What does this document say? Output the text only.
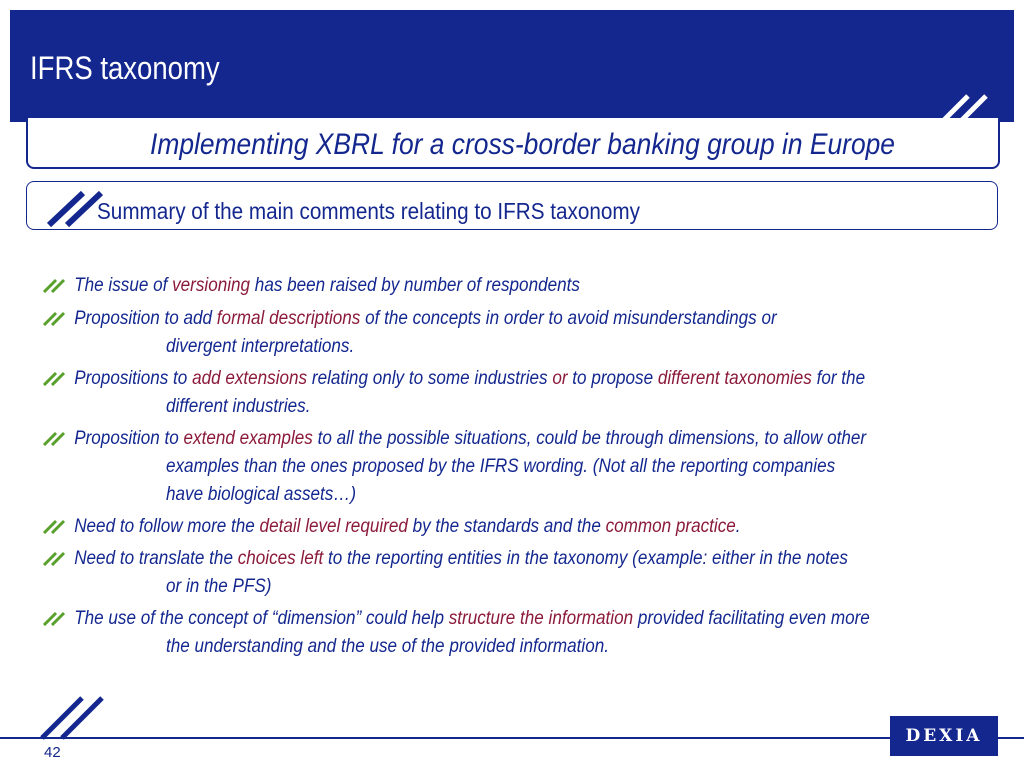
IFRS taxonomy
Implementing XBRL for a cross-border banking group in Europe
Summary of the main comments relating to IFRS taxonomy
The issue of versioning has been raised by number of respondents
Proposition to add formal descriptions of the concepts in order to avoid misunderstandings or
divergent interpretations.
Propositions to add extensions relating only to some industries or to propose different taxonomies for the
different industries.
Proposition to extend examples to all the possible situations, could be through dimensions, to allow other
examples than the ones proposed by the IFRS wording. (Not all the reporting companies
have biological assets…)
Need to follow more the detail level required by the standards and the common practice.
Need to translate the choices left to the reporting entities in the taxonomy (example: either in the notes
or in the PFS)
The use of the concept of “dimension” could help structure the information provided facilitating even more
the understanding and the use of the provided information.
42
DEXIA
